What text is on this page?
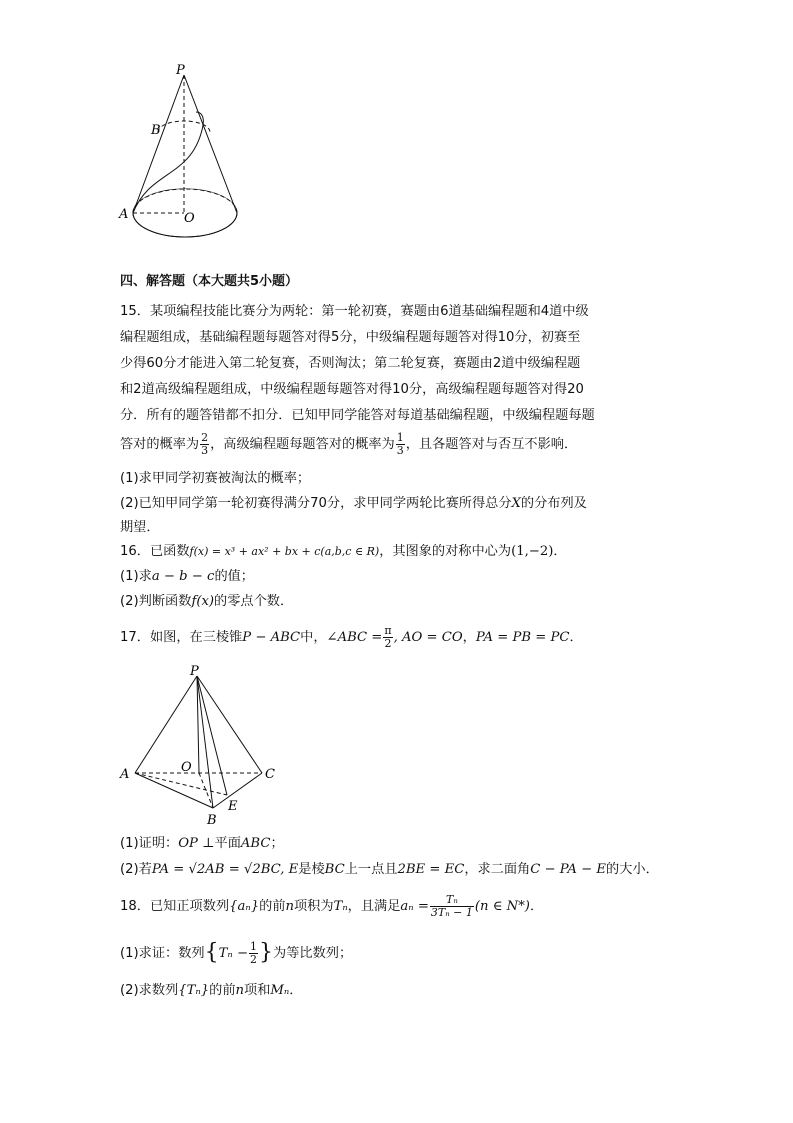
P
B
A	O
四、解答题（本大题共5小题）
15．某项编程技能比赛分为两轮：第一轮初赛，赛题由6道基础编程题和4道中级
编程题组成，基础编程题每题答对得5分，中级编程题每题答对得10分，初赛至
少得60分才能进入第二轮复赛，否则淘汰；第二轮复赛，赛题由2道中级编程题
和2道高级编程题组成，中级编程题每题答对得10分，高级编程题每题答对得20
分．所有的题答错都不扣分．已知甲同学能答对每道基础编程题，中级编程题每题
答对的概率为 $\frac{2}{3}$ ，高级编程题每题答对的概率为 $\frac{1}{3}$ ，且各题答对与否互不影响．
(1)求甲同学初赛被淘汰的概率；
(2)已知甲同学第一轮初赛得满分70分，求甲同学两轮比赛所得总分X的分布列及
期望．
16．已函数f(x) = x³ + ax² + bx + c(a,b,c ∈ R)，其图象的对称中心为(1,−2)．
(1)求a − b − c的值；
(2)判断函数f(x)的零点个数．
17．如图，在三棱锥P − ABC中，∠ABC = $\frac{\pi}{2}$ , AO = CO，PA = PB = PC．
P
O
A	C
E
B
(1)证明：OP ⊥平面ABC；
(2)若PA = √2AB = √2BC, E是棱BC上一点且2BE = EC，求二面角C − PA − E的大小．
18．已知正项数列{aₙ}的前n项积为Tₙ，且满足$a_n = \frac{\text{Tₙ}}{\text{3Tₙ − 1}} (n$ ∈ N*)．
(1)求证：数列{$T_n - \frac{1}{2}$ }为等比数列；
(2)求数列{Tₙ}的前n项和Mₙ．
